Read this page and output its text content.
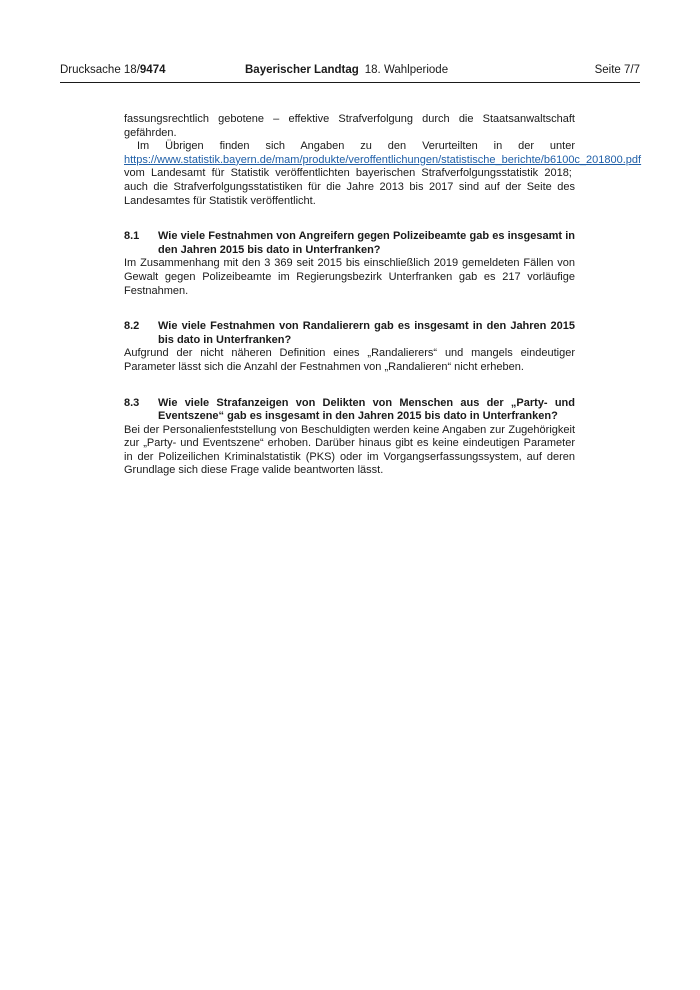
Drucksache 18/9474	Bayerischer Landtag 18. Wahlperiode	Seite 7/7

fassungsrechtlich gebotene – effektive Strafverfolgung durch die Staatsanwaltschaft gefährden.

Im Übrigen finden sich Angaben zu den Verurteilten in der unter https://www.statistik.bayern.de/mam/produkte/veroffentlichungen/statistische_berichte/b6100c_201800.pdf vom Landesamt für Statistik veröffentlichten bayerischen Strafverfolgungsstatistik 2018; auch die Strafverfolgungsstatistiken für die Jahre 2013 bis 2017 sind auf der Seite des Landesamtes für Statistik veröffentlicht.

8.1	Wie viele Festnahmen von Angreifern gegen Polizeibeamte gab es insgesamt in den Jahren 2015 bis dato in Unterfranken?

Im Zusammenhang mit den 3 369 seit 2015 bis einschließlich 2019 gemeldeten Fällen von Gewalt gegen Polizeibeamte im Regierungsbezirk Unterfranken gab es 217 vorläufige Festnahmen.

8.2	Wie viele Festnahmen von Randalierern gab es insgesamt in den Jahren 2015 bis dato in Unterfranken?

Aufgrund der nicht näheren Definition eines „Randalierers“ und mangels eindeutiger Parameter lässt sich die Anzahl der Festnahmen von „Randalieren“ nicht erheben.

8.3	Wie viele Strafanzeigen von Delikten von Menschen aus der „Party- und Eventszene“ gab es insgesamt in den Jahren 2015 bis dato in Unterfranken?

Bei der Personalienfeststellung von Beschuldigten werden keine Angaben zur Zugehörigkeit zur „Party- und Eventszene“ erhoben. Darüber hinaus gibt es keine eindeutigen Parameter in der Polizeilichen Kriminalstatistik (PKS) oder im Vorgangserfassungssystem, auf deren Grundlage sich diese Frage valide beantworten lässt.
